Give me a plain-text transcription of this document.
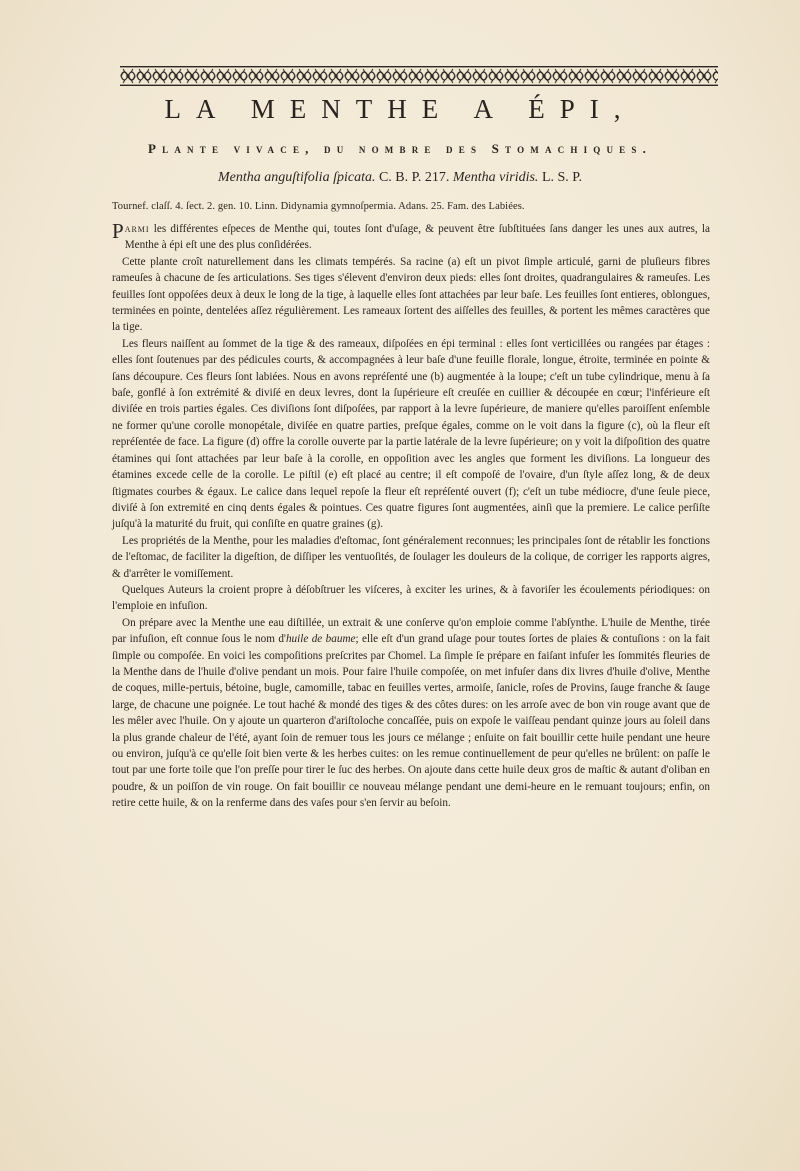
LA MENTHE A ÉPI,
Plante vivace, du nombre des Stomachiques.
Mentha anguſtifolia ſpicata. C. B. P. 217. Mentha viridis. L. S. P.
Tournef. claſſ. 4. ſect. 2. gen. 10. Linn. Didynamia gymnoſpermia. Adans. 25. Fam. des Labiées.

Parmi les différentes eſpeces de Menthe qui, toutes ſont d'uſage, & peuvent être ſubſtituées ſans danger les unes aux autres, la Menthe à épi eſt une des plus conſidérées.

Cette plante croît naturellement dans les climats tempérés. Sa racine (a) eſt un pivot ſimple articulé, garni de pluſieurs fibres rameuſes à chacune de ſes articulations. Ses tiges s'élevent d'environ deux pieds: elles ſont droites, quadrangulaires & rameuſes. Les feuilles ſont oppoſées deux à deux le long de la tige, à laquelle elles ſont attachées par leur baſe. Les feuilles ſont entieres, oblongues, terminées en pointe, dentelées aſſez régulièrement. Les rameaux ſortent des aiſſelles des feuilles, & portent les mêmes caractères que la tige.

Les fleurs naiſſent au ſommet de la tige & des rameaux, diſpoſées en épi terminal : elles ſont verticillées ou rangées par étages : elles ſont ſoutenues par des pédicules courts, & accompagnées à leur baſe d'une feuille florale, longue, étroite, terminée en pointe & ſans découpure. Ces fleurs ſont labiées. Nous en avons repréſenté une (b) augmentée à la loupe; c'eſt un tube cylindrique, menu à ſa baſe, gonflé à ſon extrémité & diviſé en deux levres, dont la ſupérieure eſt creuſée en cuillier & découpée en cœur; l'inférieure eſt diviſée en trois parties égales. Ces diviſions ſont diſpoſées, par rapport à la levre ſupérieure, de maniere qu'elles paroiſſent enſemble ne former qu'une corolle monopétale, diviſée en quatre parties, preſque égales, comme on le voit dans la figure (c), où la fleur eſt repréſentée de face. La figure (d) offre la corolle ouverte par la partie latérale de la levre ſupérieure; on y voit la diſpoſition des quatre étamines qui ſont attachées par leur baſe à la corolle, en oppoſition avec les angles que forment les diviſions. La longueur des étamines excede celle de la corolle. Le piſtil (e) eſt placé au centre; il eſt compoſé de l'ovaire, d'un ſtyle aſſez long, & de deux ſtigmates courbes & égaux. Le calice dans lequel repoſe la fleur eſt repréſenté ouvert (f); c'eſt un tube médiocre, d'une ſeule piece, diviſé à ſon extremité en cinq dents égales & pointues. Ces quatre figures ſont augmentées, ainſi que la premiere. Le calice perſiſte juſqu'à la maturité du fruit, qui conſiſte en quatre graines (g).

Les propriétés de la Menthe, pour les maladies d'eſtomac, ſont généralement reconnues; les principales ſont de rétablir les fonctions de l'eſtomac, de faciliter la digeſtion, de diſſiper les ventuoſités, de ſoulager les douleurs de la colique, de corriger les rapports aigres, & d'arrêter le vomiſſement.

Quelques Auteurs la croient propre à déſobſtruer les viſceres, à exciter les urines, & à favoriſer les écoulements périodiques: on l'emploie en infuſion.

On prépare avec la Menthe une eau diſtillée, un extrait & une conſerve qu'on emploie comme l'abſynthe. L'huile de Menthe, tirée par infuſion, eſt connue ſous le nom d'huile de baume; elle eſt d'un grand uſage pour toutes ſortes de plaies & contuſions : on la fait ſimple ou compoſée. En voici les compoſitions preſcrites par Chomel. La ſimple ſe prépare en faiſant infuſer les ſommités fleuries de la Menthe dans de l'huile d'olive pendant un mois. Pour faire l'huile compoſée, on met infuſer dans dix livres d'huile d'olive, Menthe de coques, mille-pertuis, bétoine, bugle, camomille, tabac en feuilles vertes, armoiſe, ſanicle, roſes de Provins, ſauge franche & ſauge large, de chacune une poignée. Le tout haché & mondé des tiges & des côtes dures: on les arroſe avec de bon vin rouge avant que de les mêler avec l'huile. On y ajoute un quarteron d'ariſtoloche concaſſée, puis on expoſe le vaiſſeau pendant quinze jours au ſoleil dans la plus grande chaleur de l'été, ayant ſoin de remuer tous les jours ce mélange ; enſuite on fait bouillir cette huile pendant une heure ou environ, juſqu'à ce qu'elle ſoit bien verte & les herbes cuites: on les remue continuellement de peur qu'elles ne brûlent: on paſſe le tout par une forte toile que l'on preſſe pour tirer le ſuc des herbes. On ajoute dans cette huile deux gros de maſtic & autant d'oliban en poudre, & un poiſſon de vin rouge. On fait bouillir ce nouveau mélange pendant une demi-heure en le remuant toujours; enfin, on retire cette huile, & on la renferme dans des vaſes pour s'en ſervir au beſoin.
